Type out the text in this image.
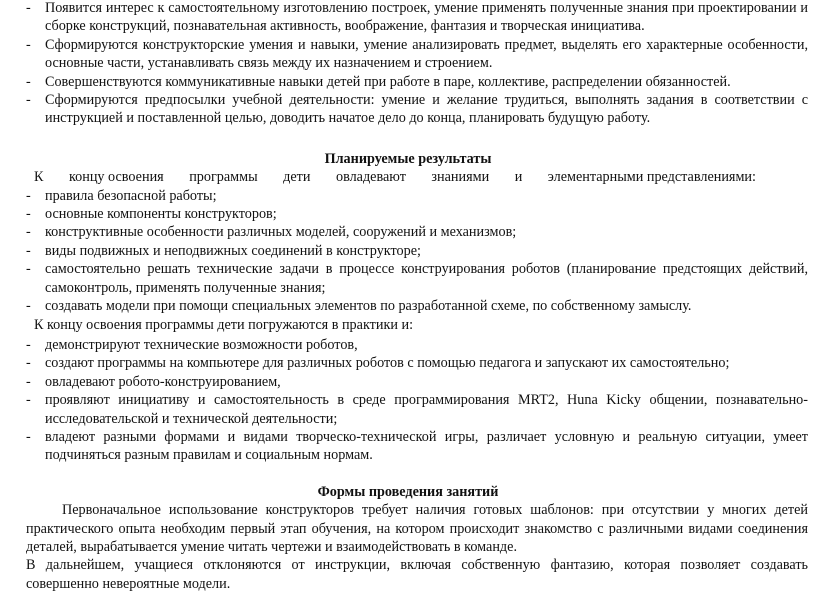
- Появится интерес к самостоятельному изготовлению построек, умение применять полученные знания при проектировании и сборке конструкций, познавательная активность, воображение, фантазия и творческая инициатива.
- Сформируются конструкторские умения и навыки, умение анализировать предмет, выделять его характерные особенности, основные части, устанавливать связь между их назначением и строением.
- Совершенствуются коммуникативные навыки детей при работе в паре, коллективе, распределении обязанностей.
- Сформируются предпосылки учебной деятельности: умение и желание трудиться, выполнять задания в соответствии с инструкцией и поставленной целью, доводить начатое дело до конца, планировать будущую работу.
Планируемые результаты
К концу освоения программы дети овладевают знаниями и элементарными представлениями:
- правила безопасной работы;
- основные компоненты конструкторов;
- конструктивные особенности различных моделей, сооружений и механизмов;
- виды подвижных и неподвижных соединений в конструкторе;
- самостоятельно решать технические задачи в процессе конструирования роботов (планирование предстоящих действий, самоконтроль, применять полученные знания;
- создавать модели при помощи специальных элементов по разработанной схеме, по собственному замыслу.
К концу освоения программы дети погружаются в практики и:
- демонстрируют технические возможности роботов,
- создают программы на компьютере для различных роботов с помощью педагога и запускают их самостоятельно;
- овладевают робото-конструированием,
- проявляют инициативу и самостоятельность в среде программирования MRT2, Huna Kicky общении, познавательно-исследовательской и технической деятельности;
- владеют разными формами и видами творческо-технической игры, различает условную и реальную ситуации, умеет подчиняться разным правилам и социальным нормам.
Формы проведения занятий
Первоначальное использование конструкторов требует наличия готовых шаблонов: при отсутствии у многих детей практического опыта необходим первый этап обучения, на котором происходит знакомство с различными видами соединения деталей, вырабатывается умение читать чертежи и взаимодействовать в команде.
В дальнейшем, учащиеся отклоняются от инструкции, включая собственную фантазию, которая позволяет создавать совершенно невероятные модели.
